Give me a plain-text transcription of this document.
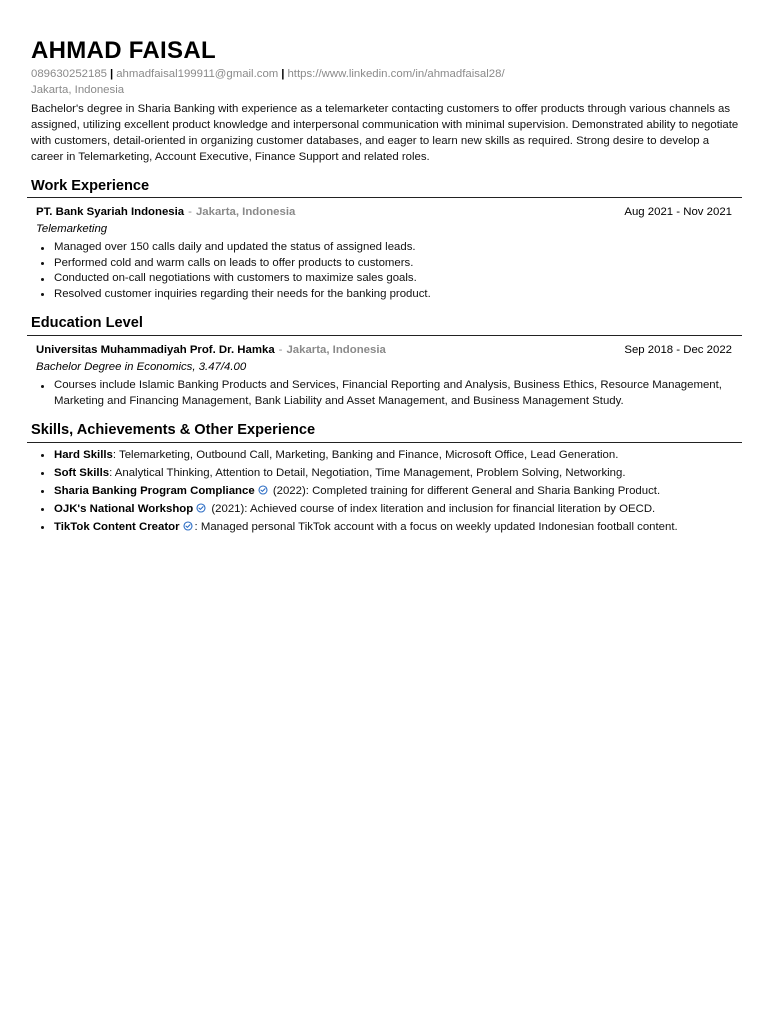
AHMAD FAISAL
089630252185 | ahmadfaisal199911@gmail.com | https://www.linkedin.com/in/ahmadfaisal28/
Jakarta, Indonesia
Bachelor's degree in Sharia Banking with experience as a telemarketer contacting customers to offer products through various channels as assigned, utilizing excellent product knowledge and interpersonal communication with minimal supervision. Demonstrated ability to negotiate with customers, detail-oriented in organizing customer databases, and eager to learn new skills as required. Strong desire to develop a career in Telemarketing, Account Executive, Finance Support and related roles.
Work Experience
PT. Bank Syariah Indonesia - Jakarta, Indonesia	Aug 2021 - Nov 2021
Telemarketing
Managed over 150 calls daily and updated the status of assigned leads.
Performed cold and warm calls on leads to offer products to customers.
Conducted on-call negotiations with customers to maximize sales goals.
Resolved customer inquiries regarding their needs for the banking product.
Education Level
Universitas Muhammadiyah Prof. Dr. Hamka - Jakarta, Indonesia	Sep 2018 - Dec 2022
Bachelor Degree in Economics, 3.47/4.00
Courses include Islamic Banking Products and Services, Financial Reporting and Analysis, Business Ethics, Resource Management, Marketing and Financing Management, Bank Liability and Asset Management, and Business Management Study.
Skills, Achievements & Other Experience
Hard Skills: Telemarketing, Outbound Call, Marketing, Banking and Finance, Microsoft Office, Lead Generation.
Soft Skills: Analytical Thinking, Attention to Detail, Negotiation, Time Management, Problem Solving, Networking.
Sharia Banking Program Compliance (2022): Completed training for different General and Sharia Banking Product.
OJK's National Workshop (2021): Achieved course of index literation and inclusion for financial literation by OECD.
TikTok Content Creator : Managed personal TikTok account with a focus on weekly updated Indonesian football content.
